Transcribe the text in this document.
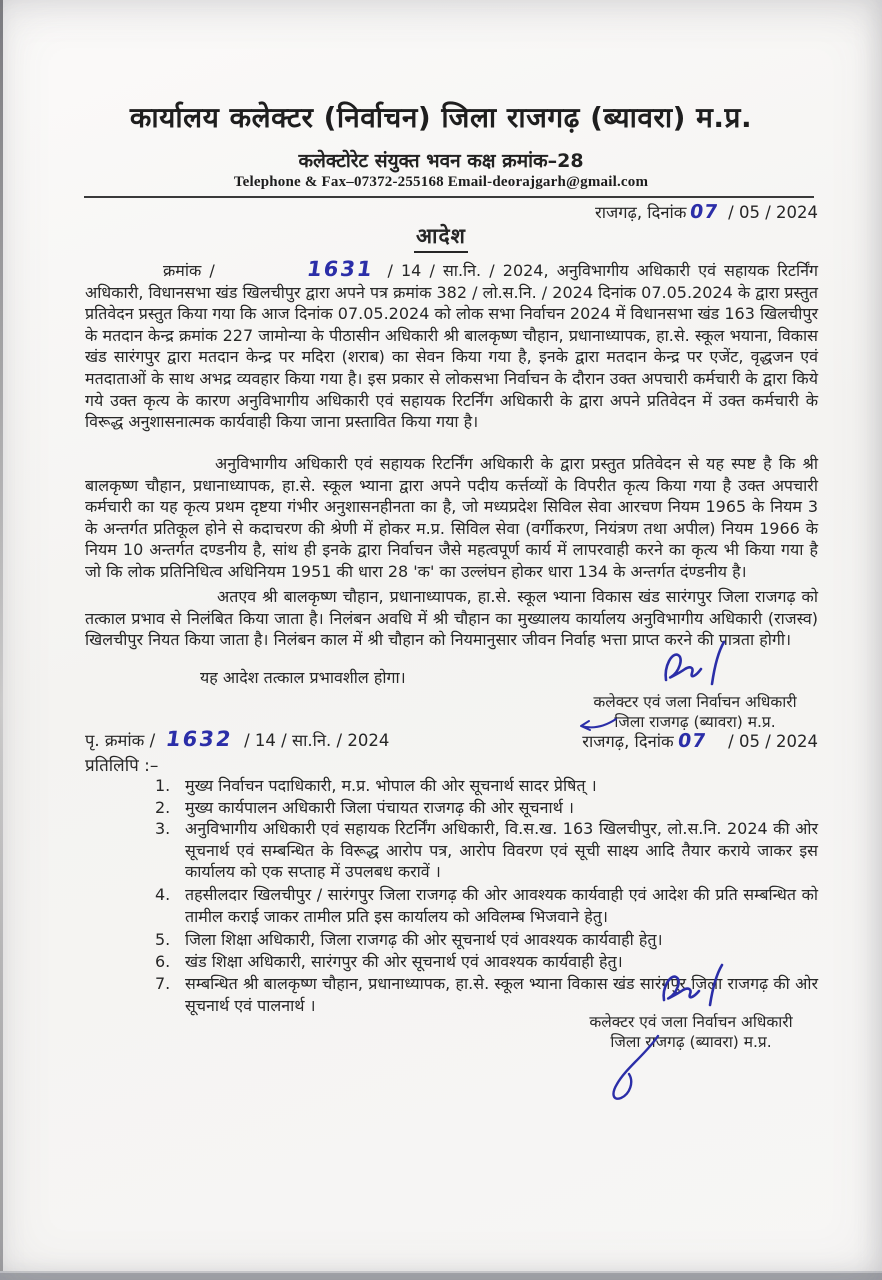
कार्यालय कलेक्टर (निर्वाचन) जिला राजगढ़ (ब्यावरा) म.प्र.
कलेक्टोरेट संयुक्त भवन कक्ष क्रमांक–28
Telephone & Fax–07372-255168 Email-deorajgarh@gmail.com
राजगढ़, दिनांक 07 / 05 / 2024
आदेश
क्रमांक /	1631 / 14 / सा.नि. / 2024, अनुविभागीय अधिकारी एवं सहायक रिटर्निंग अधिकारी, विधानसभा खंड खिलचीपुर द्वारा अपने पत्र क्रमांक 382 / लो.स.नि. / 2024 दिनांक 07.05.2024 के द्वारा प्रस्तुत प्रतिवेदन प्रस्तुत किया गया कि आज दिनांक 07.05.2024 को लोक सभा निर्वाचन 2024 में विधानसभा खंड 163 खिलचीपुर के मतदान केन्द्र क्रमांक 227 जामोन्या के पीठासीन अधिकारी श्री बालकृष्ण चौहान, प्रधानाध्यापक, हा.से. स्कूल भयाना, विकास खंड सारंगपुर द्वारा मतदान केन्द्र पर मदिरा (शराब) का सेवन किया गया है, इनके द्वारा मतदान केन्द्र पर एजेंट, वृद्धजन एवं मतदाताओं के साथ अभद्र व्यवहार किया गया है। इस प्रकार से लोकसभा निर्वाचन के दौरान उक्त अपचारी कर्मचारी के द्वारा किये गये उक्त कृत्य के कारण अनुविभागीय अधिकारी एवं सहायक रिटर्निंग अधिकारी के द्वारा अपने प्रतिवेदन में उक्त कर्मचारी के विरूद्ध अनुशासनात्मक कार्यवाही किया जाना प्रस्तावित किया गया है।
अनुविभागीय अधिकारी एवं सहायक रिटर्निंग अधिकारी के द्वारा प्रस्तुत प्रतिवेदन से यह स्पष्ट है कि श्री बालकृष्ण चौहान, प्रधानाध्यापक, हा.से. स्कूल भ्याना द्वारा अपने पदीय कर्त्तव्यों के विपरीत कृत्य किया गया है उक्त अपचारी कर्मचारी का यह कृत्य प्रथम दृष्टया गंभीर अनुशासनहीनता का है, जो मध्यप्रदेश सिविल सेवा आरचण नियम 1965 के नियम 3 के अन्तर्गत प्रतिकूल होने से कदाचरण की श्रेणी में होकर म.प्र. सिविल सेवा (वर्गीकरण, नियंत्रण तथा अपील) नियम 1966 के नियम 10 अन्तर्गत दण्डनीय है, सांथ ही इनके द्वारा निर्वाचन जैसे महत्वपूर्ण कार्य में लापरवाही करने का कृत्य भी किया गया है जो कि लोक प्रतिनिधित्व अधिनियम 1951 की धारा 28 'क' का उल्लंघन होकर धारा 134 के अन्तर्गत दंण्डनीय है।
अतएव श्री बालकृष्ण चौहान, प्रधानाध्यापक, हा.से. स्कूल भ्याना विकास खंड सारंगपुर जिला राजगढ़ को तत्काल प्रभाव से निलंबित किया जाता है। निलंबन अवधि में श्री चौहान का मुख्यालय कार्यालय अनुविभागीय अधिकारी (राजस्व) खिलचीपुर नियत किया जाता है। निलंबन काल में श्री चौहान को नियमानुसार जीवन निर्वाह भत्ता प्राप्त करने की पात्रता होगी।
यह आदेश तत्काल प्रभावशील होगा।
कलेक्टर एवं जला निर्वाचन अधिकारी
जिला राजगढ़ (ब्यावरा) म.प्र.
पृ. क्रमांक / 1632 / 14 / सा.नि. / 2024	राजगढ़, दिनांक 07 / 05 / 2024
प्रतिलिपि :–
1. मुख्य निर्वाचन पदाधिकारी, म.प्र. भोपाल की ओर सूचनार्थ सादर प्रेषित् ।
2. मुख्य कार्यपालन अधिकारी जिला पंचायत राजगढ़ की ओर सूचनार्थ ।
3. अनुविभागीय अधिकारी एवं सहायक रिटर्निंग अधिकारी, वि.स.ख. 163 खिलचीपुर, लो.स.नि. 2024 की ओर सूचनार्थ एवं सम्बन्धित के विरूद्ध आरोप पत्र, आरोप विवरण एवं सूची साक्ष्य आदि तैयार कराये जाकर इस कार्यालय को एक सप्ताह में उपलबध करावें ।
4. तहसीलदार खिलचीपुर / सारंगपुर जिला राजगढ़ की ओर आवश्यक कार्यवाही एवं आदेश की प्रति सम्बन्धित को तामील कराई जाकर तामील प्रति इस कार्यालय को अविलम्ब भिजवाने हेतु।
5. जिला शिक्षा अधिकारी, जिला राजगढ़ की ओर सूचनार्थ एवं आवश्यक कार्यवाही हेतु।
6. खंड शिक्षा अधिकारी, सारंगपुर की ओर सूचनार्थ एवं आवश्यक कार्यवाही हेतु।
7. सम्बन्धित श्री बालकृष्ण चौहान, प्रधानाध्यापक, हा.से. स्कूल भ्याना विकास खंड सारंगपुर जिला राजगढ़ की ओर सूचनार्थ एवं पालनार्थ ।
कलेक्टर एवं जला निर्वाचन अधिकारी
जिला राजगढ़ (ब्यावरा) म.प्र.
